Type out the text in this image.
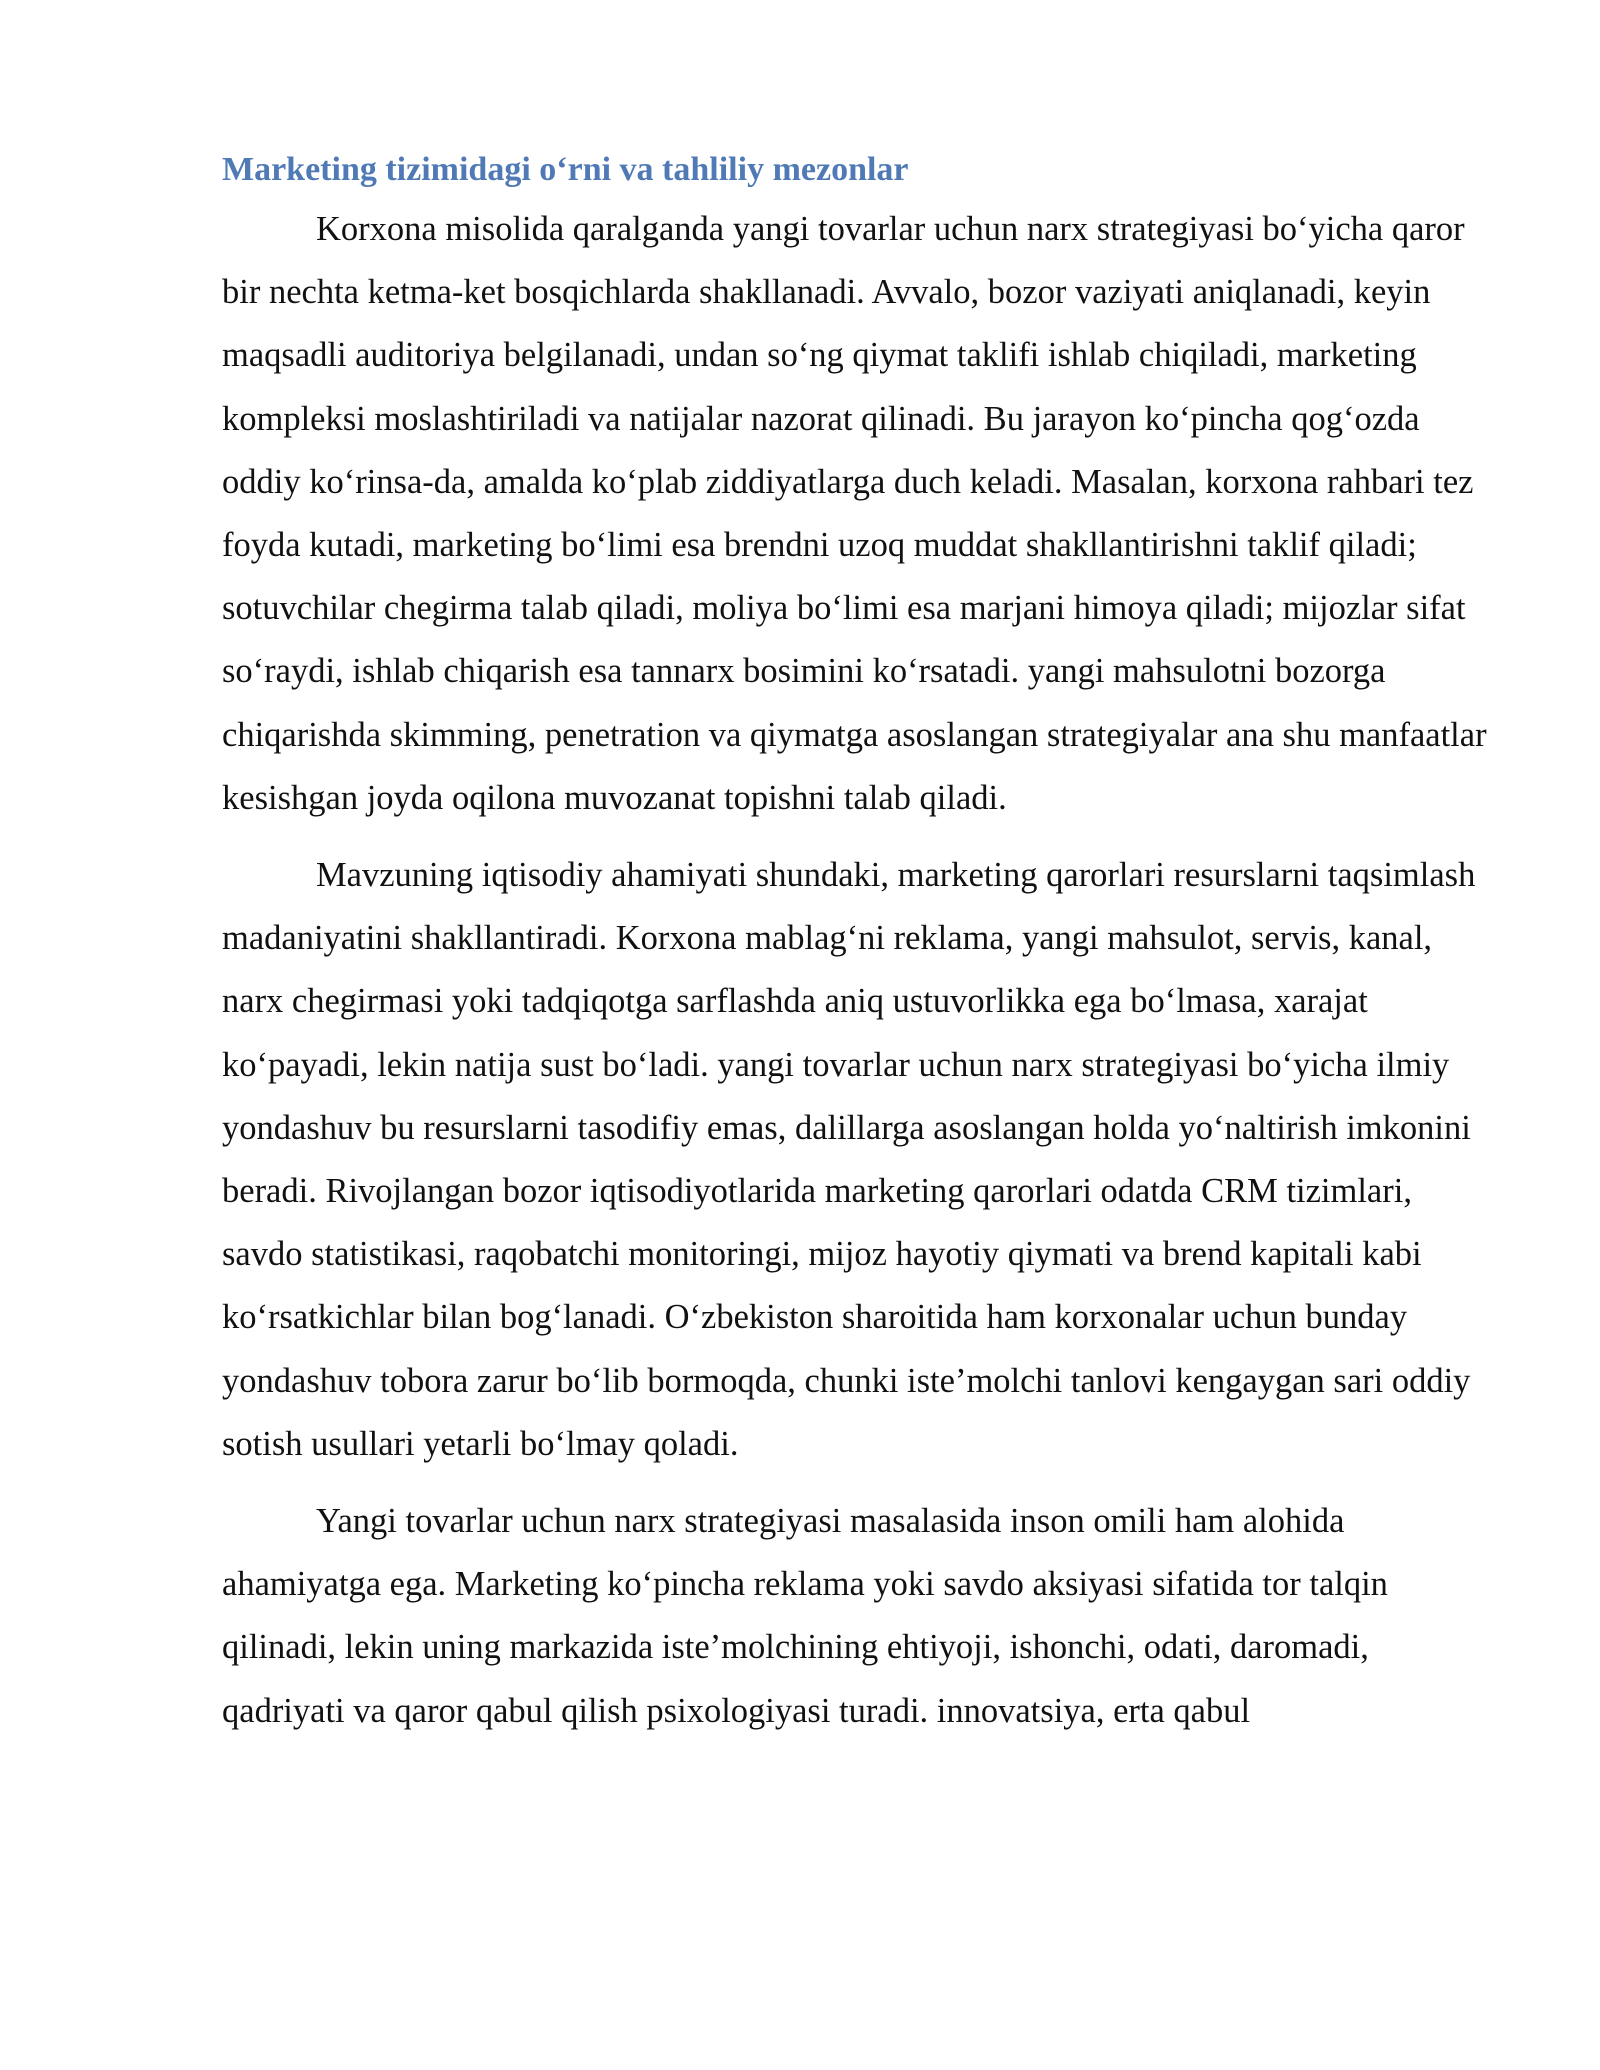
Marketing tizimidagi o‘rni va tahliliy mezonlar

Korxona misolida qaralganda yangi tovarlar uchun narx strategiyasi bo‘yicha qaror bir nechta ketma-ket bosqichlarda shakllanadi. Avvalo, bozor vaziyati aniqlanadi, keyin maqsadli auditoriya belgilanadi, undan so‘ng qiymat taklifi ishlab chiqiladi, marketing kompleksi moslashtiriladi va natijalar nazorat qilinadi. Bu jarayon ko‘pincha qog‘ozda oddiy ko‘rinsa-da, amalda ko‘plab ziddiyatlarga duch keladi. Masalan, korxona rahbari tez foyda kutadi, marketing bo‘limi esa brendni uzoq muddat shakllantirishni taklif qiladi; sotuvchilar chegirma talab qiladi, moliya bo‘limi esa marjani himoya qiladi; mijozlar sifat so‘raydi, ishlab chiqarish esa tannarx bosimini ko‘rsatadi. yangi mahsulotni bozorga chiqarishda skimming, penetration va qiymatga asoslangan strategiyalar ana shu manfaatlar kesishgan joyda oqilona muvozanat topishni talab qiladi.

Mavzuning iqtisodiy ahamiyati shundaki, marketing qarorlari resurslarni taqsimlash madaniyatini shakllantiradi. Korxona mablag‘ni reklama, yangi mahsulot, servis, kanal, narx chegirmasi yoki tadqiqotga sarflashda aniq ustuvorlikka ega bo‘lmasa, xarajat ko‘payadi, lekin natija sust bo‘ladi. yangi tovarlar uchun narx strategiyasi bo‘yicha ilmiy yondashuv bu resurslarni tasodifiy emas, dalillarga asoslangan holda yo‘naltirish imkonini beradi. Rivojlangan bozor iqtisodiyotlarida marketing qarorlari odatda CRM tizimlari, savdo statistikasi, raqobatchi monitoringi, mijoz hayotiy qiymati va brend kapitali kabi ko‘rsatkichlar bilan bog‘lanadi. O‘zbekiston sharoitida ham korxonalar uchun bunday yondashuv tobora zarur bo‘lib bormoqda, chunki iste’molchi tanlovi kengaygan sari oddiy sotish usullari yetarli bo‘lmay qoladi.

Yangi tovarlar uchun narx strategiyasi masalasida inson omili ham alohida ahamiyatga ega. Marketing ko‘pincha reklama yoki savdo aksiyasi sifatida tor talqin qilinadi, lekin uning markazida iste’molchining ehtiyoji, ishonchi, odati, daromadi, qadriyati va qaror qabul qilish psixologiyasi turadi. innovatsiya, erta qabul
